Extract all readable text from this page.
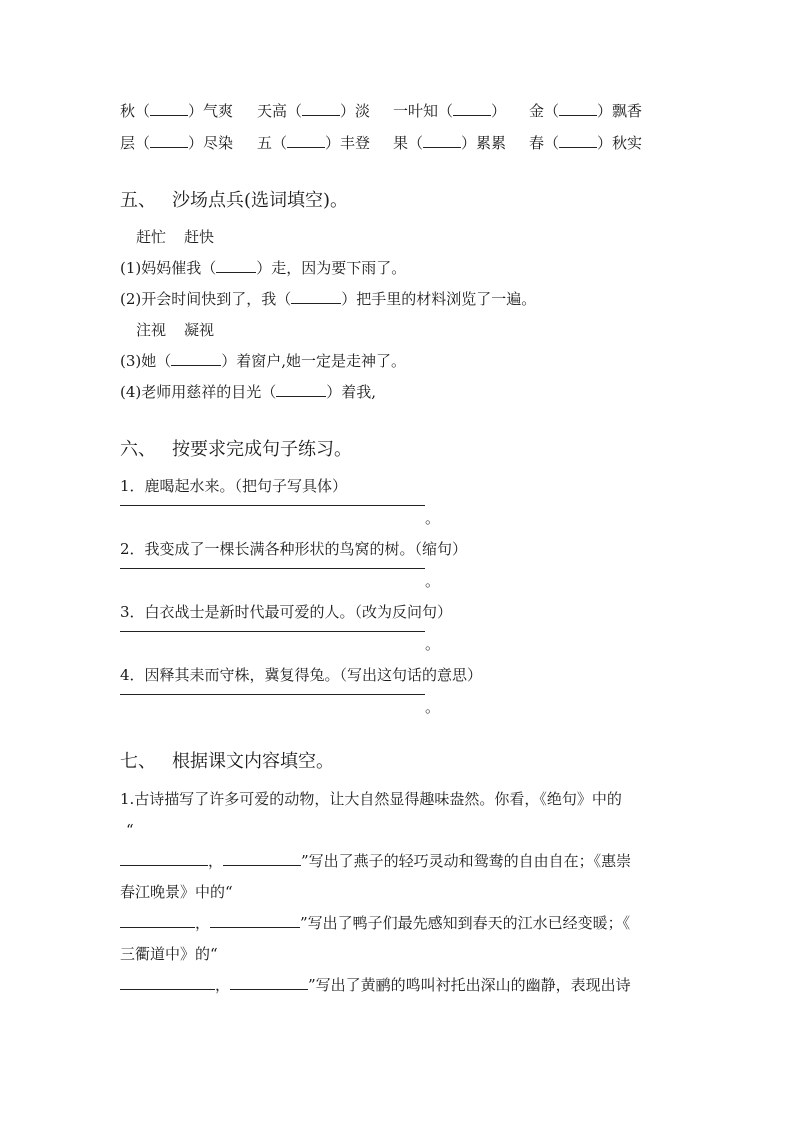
秋（	）气爽 天高（	）淡 一叶知（	） 金（	）飘香
层（	）尽染 五（	）丰登 果（	）累累 春（	）秋实
五、 沙场点兵(选词填空)。
赶忙 赶快
(1)妈妈催我（	）走，因为要下雨了。
(2)开会时间快到了，我（	）把手里的材料浏览了一遍。
注视 凝视
(3)她（	）着窗户,她一定是走神了。
(4)老师用慈祥的目光（	）着我,
六、 按要求完成句子练习。
1．鹿喝起水来。（把句子写具体）
。
2．我变成了一棵长满各种形状的鸟窝的树。（缩句）
。
3．白衣战士是新时代最可爱的人。（改为反问句）
。
4．因释其耒而守株，冀复得兔。（写出这句话的意思）
。
七、 根据课文内容填空。
1.古诗描写了许多可爱的动物，让大自然显得趣味盎然。你看，《绝句》中的
“
，	”写出了燕子的轻巧灵动和鸳鸯的自由自在；《惠崇
春江晚景》中的“
，	”写出了鸭子们最先感知到春天的江水已经变暖；《
三衢道中》的“
，	”写出了黄鹂的鸣叫衬托出深山的幽静，表现出诗
